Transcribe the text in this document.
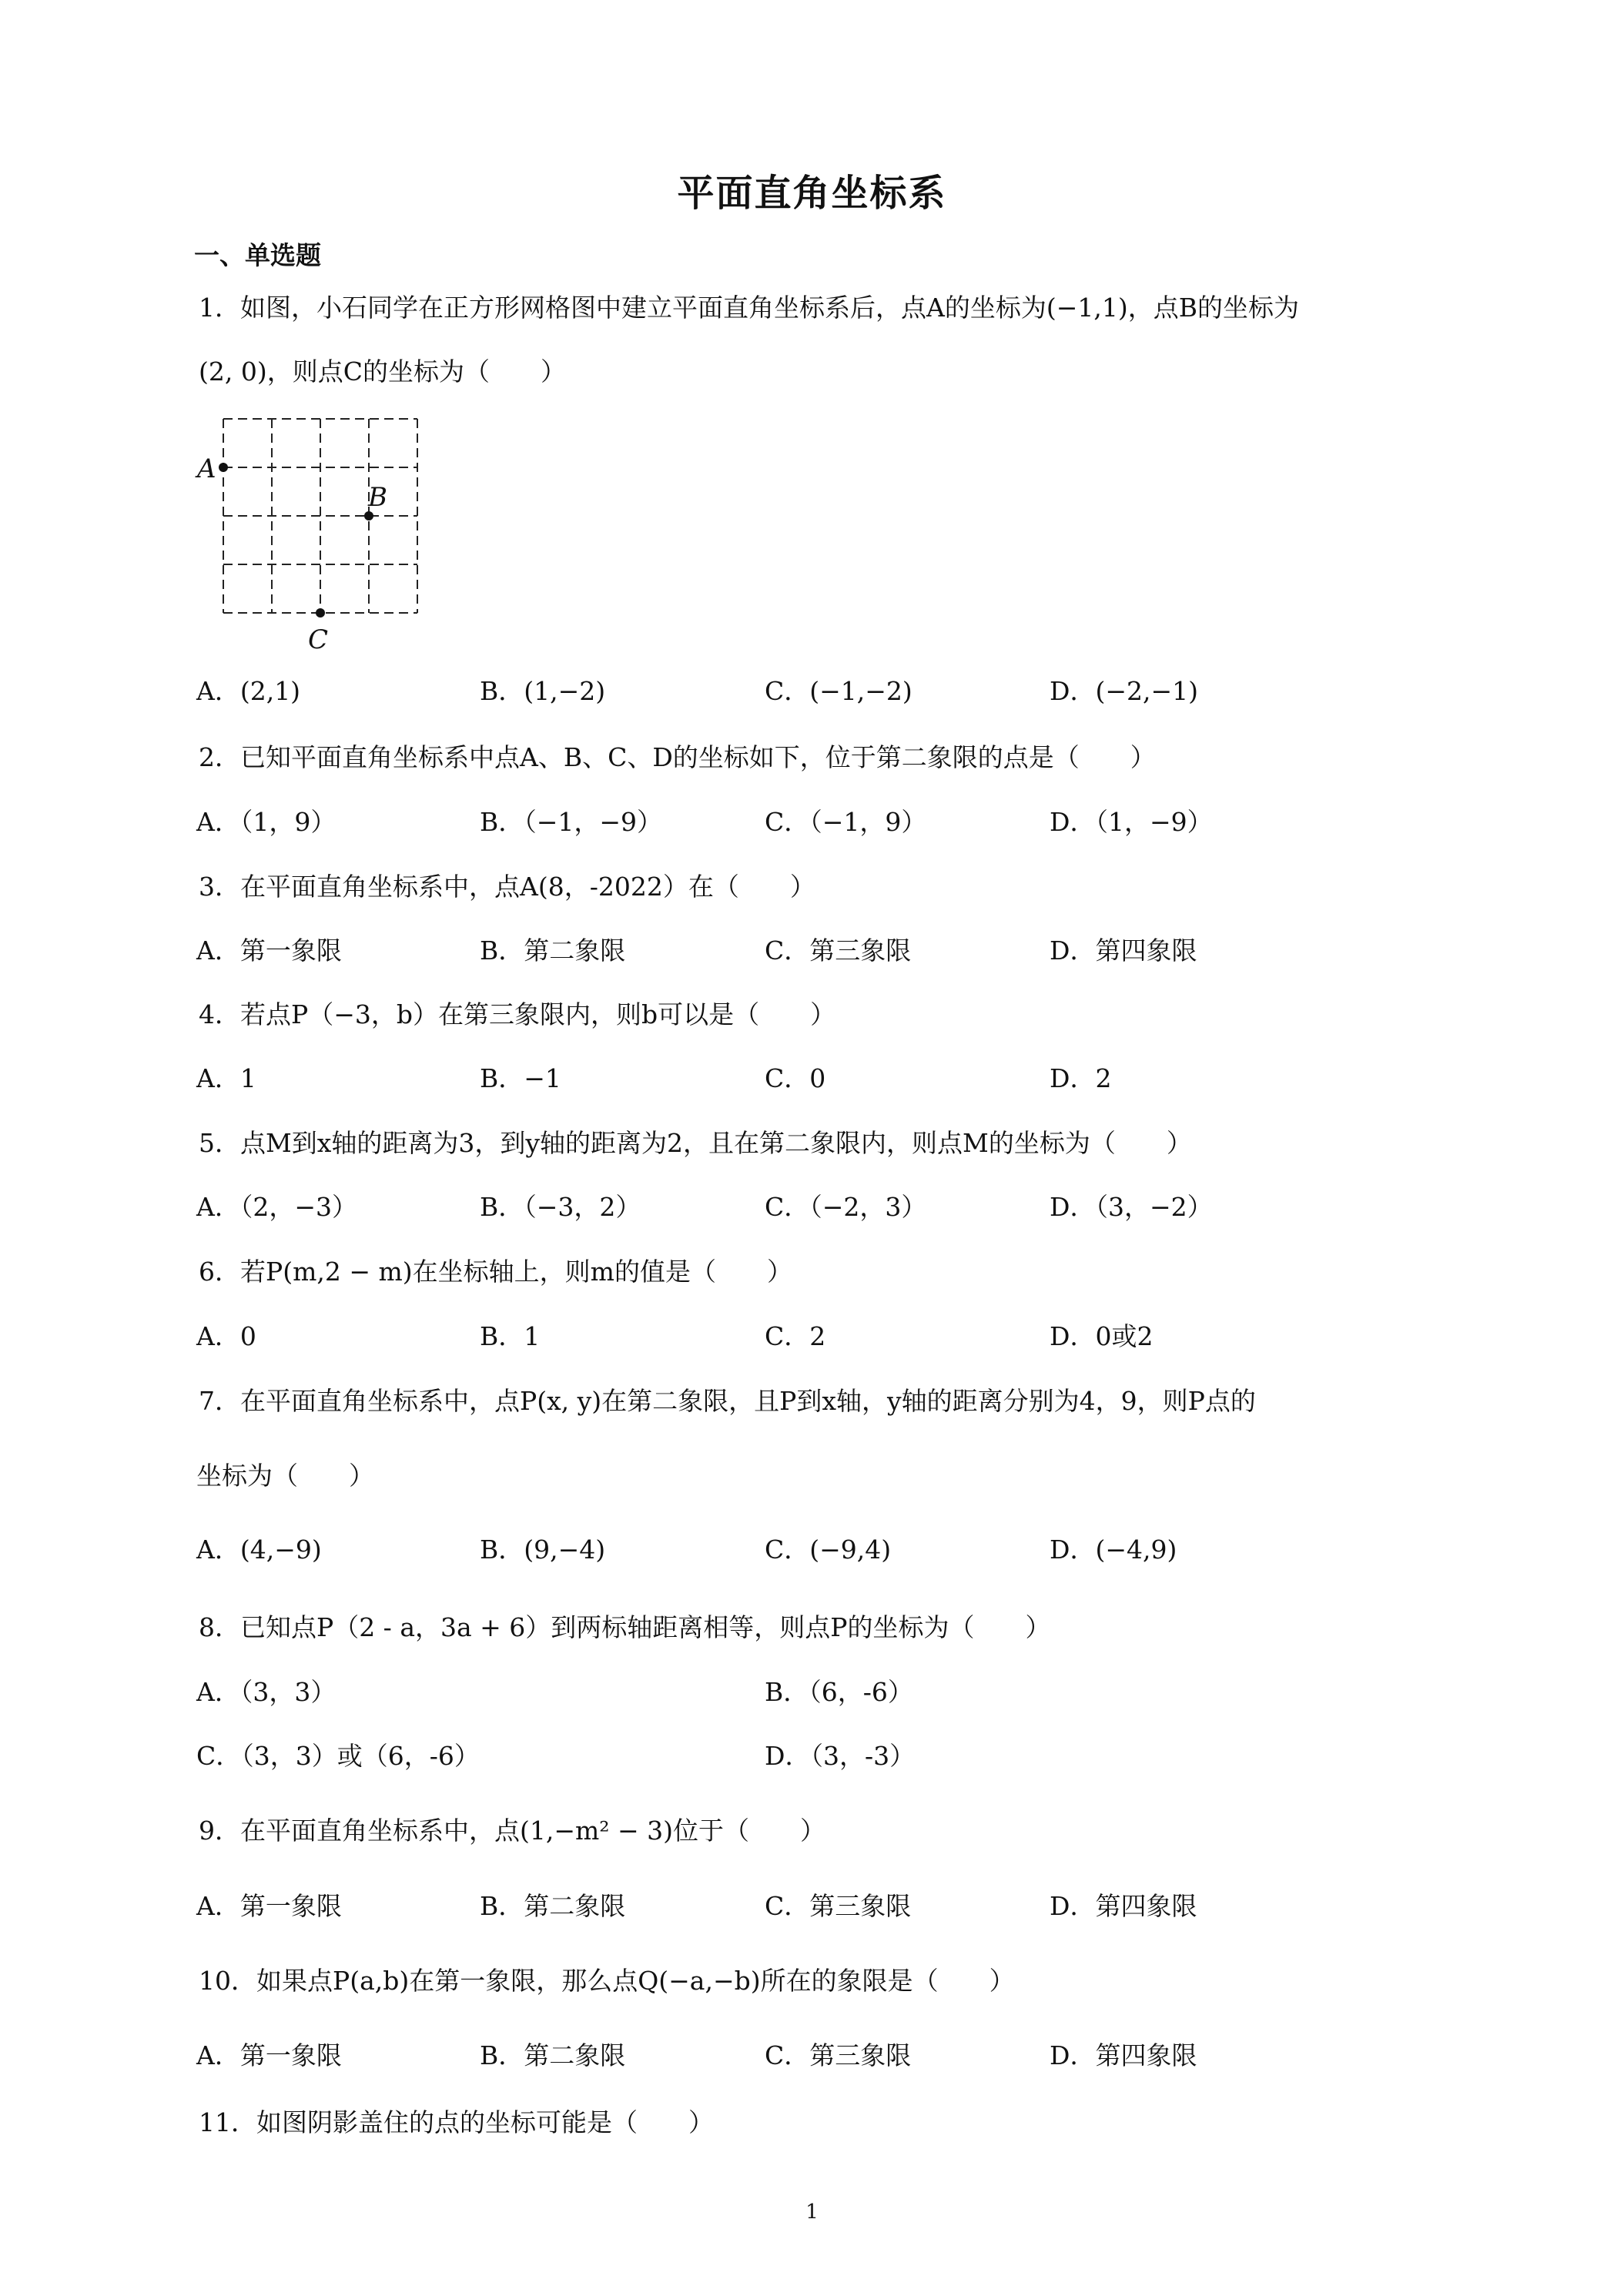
平面直角坐标系
一、单选题
1．如图，小石同学在正方形网格图中建立平面直角坐标系后，点A的坐标为(−1,1)，点B的坐标为
(2, 0)，则点C的坐标为（　　）
A
B
C
A．(2,1)	B．(1,−2)	C．(−1,−2)	D．(−2,−1)
2．已知平面直角坐标系中点A、B、C、D的坐标如下，位于第二象限的点是（　　）
A．（1，9）	B．（−1，−9）	C．（−1，9）	D．（1，−9）
3．在平面直角坐标系中，点A(8，-2022）在（　　）
A．第一象限	B．第二象限	C．第三象限	D．第四象限
4．若点P（−3，b）在第三象限内，则b可以是（　　）
A．1	B．−1	C．0	D．2
5．点M到x轴的距离为3，到y轴的距离为2，且在第二象限内，则点M的坐标为（　　）
A．（2，−3）	B．（−3，2）	C．（−2，3）	D．（3，−2）
6．若P(m,2 − m)在坐标轴上，则m的值是（　　）
A．0	B．1	C．2	D．0或2
7．在平面直角坐标系中，点P(x, y)在第二象限，且P到x轴，y轴的距离分别为4，9，则P点的
坐标为（　　）
A．(4,−9)	B．(9,−4)	C．(−9,4)	D．(−4,9)
8．已知点P（2 - a，3a + 6）到两标轴距离相等，则点P的坐标为（　　）
A．（3，3）	B．（6，-6）
C．（3，3）或（6，-6）	D．（3，-3）
9．在平面直角坐标系中，点(1,−m² − 3)位于（　　）
A．第一象限	B．第二象限	C．第三象限	D．第四象限
10．如果点P(a,b)在第一象限，那么点Q(−a,−b)所在的象限是（　　）
A．第一象限	B．第二象限	C．第三象限	D．第四象限
11．如图阴影盖住的点的坐标可能是（　　）
1
